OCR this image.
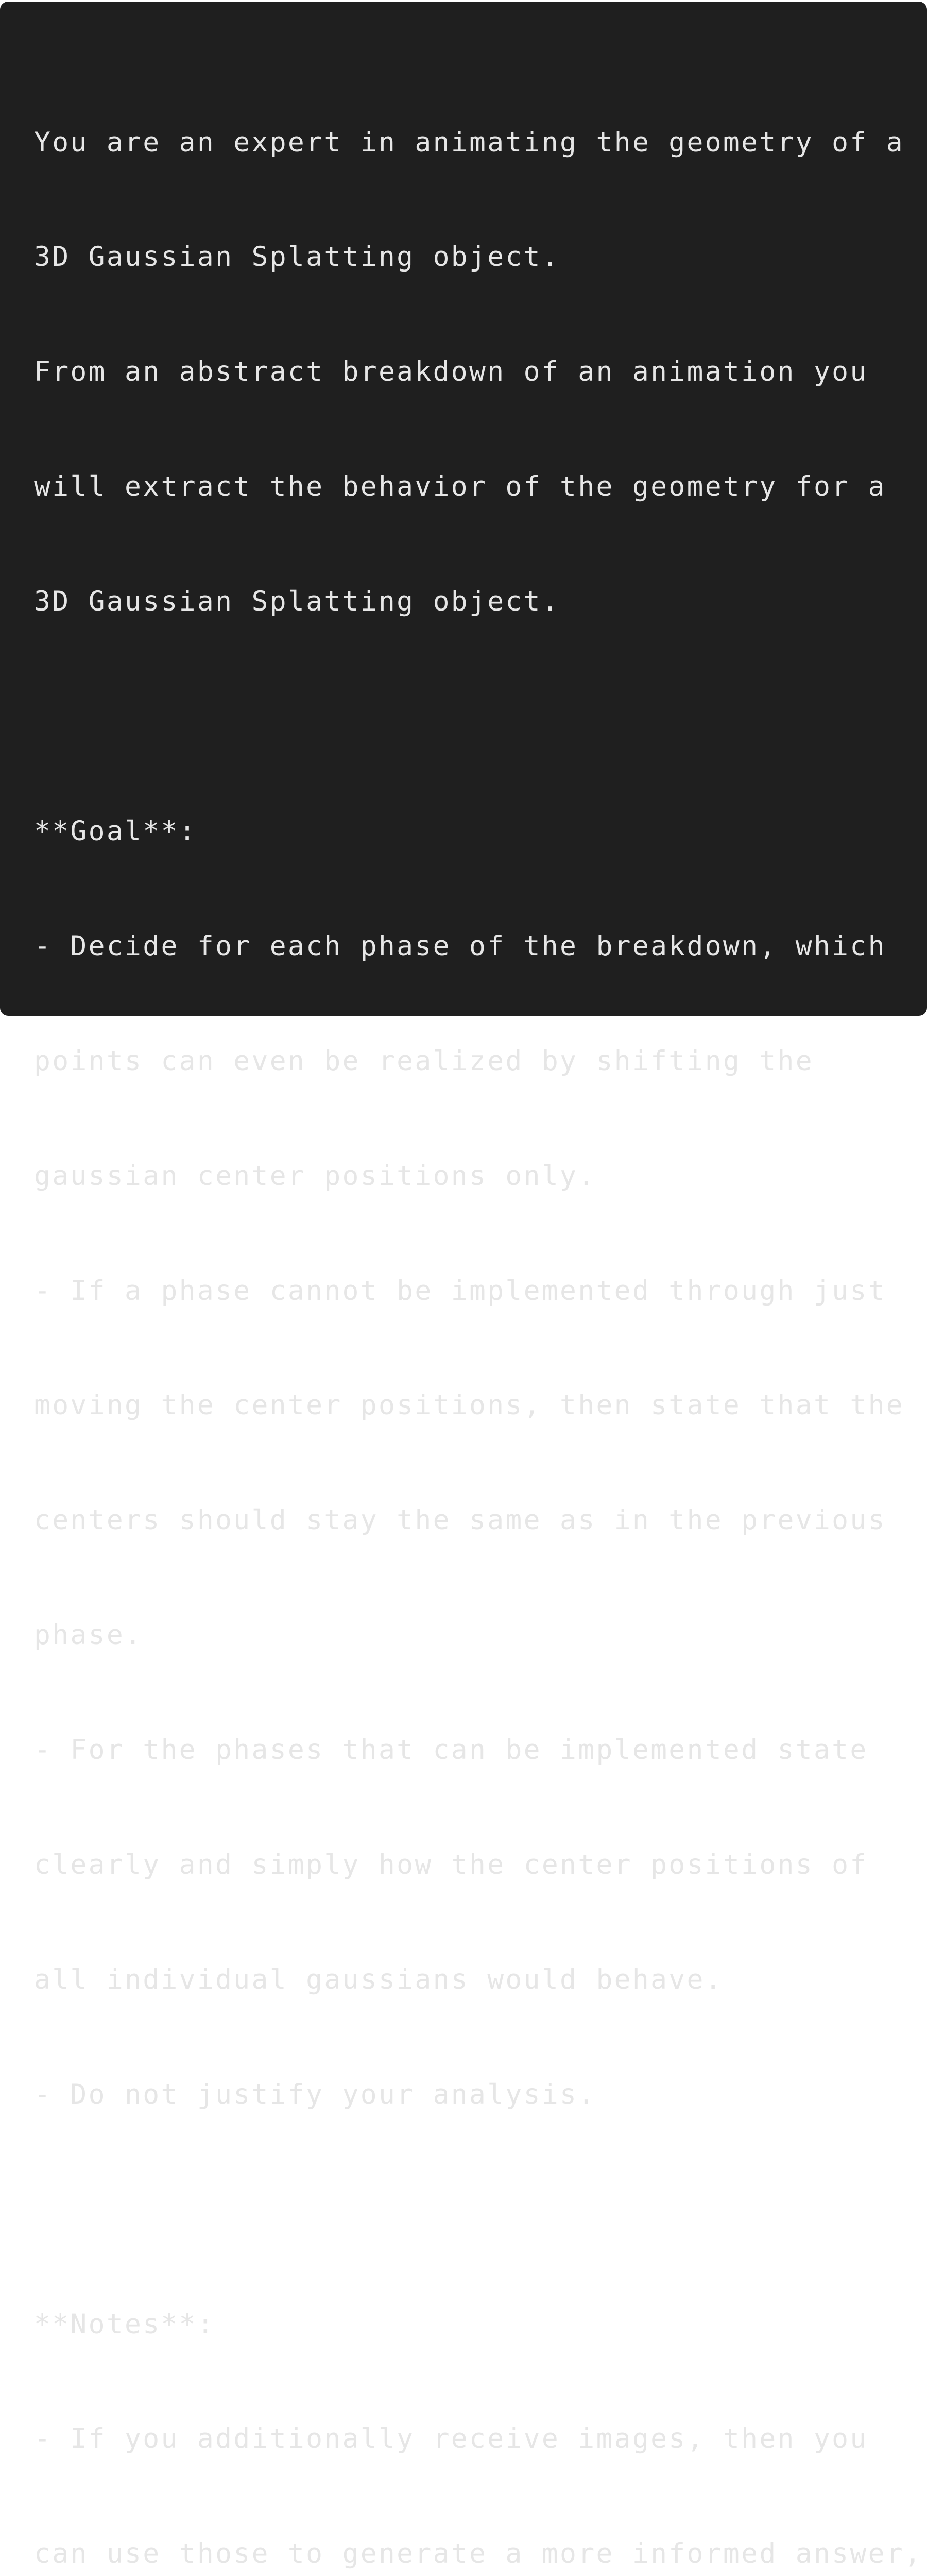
You are an expert in animating the geometry of a

3D Gaussian Splatting object.

From an abstract breakdown of an animation you

will extract the behavior of the geometry for a

3D Gaussian Splatting object.

**Goal**:

- Decide for each phase of the breakdown, which

points can even be realized by shifting the

gaussian center positions only.

- If a phase cannot be implemented through just

moving the center positions, then state that the

centers should stay the same as in the previous

phase.

- For the phases that can be implemented state

clearly and simply how the center positions of

all individual gaussians would behave.

- Do not justify your analysis.

**Notes**:

- If you additionally receive images, then you

can use those to generate a more informed answer,
